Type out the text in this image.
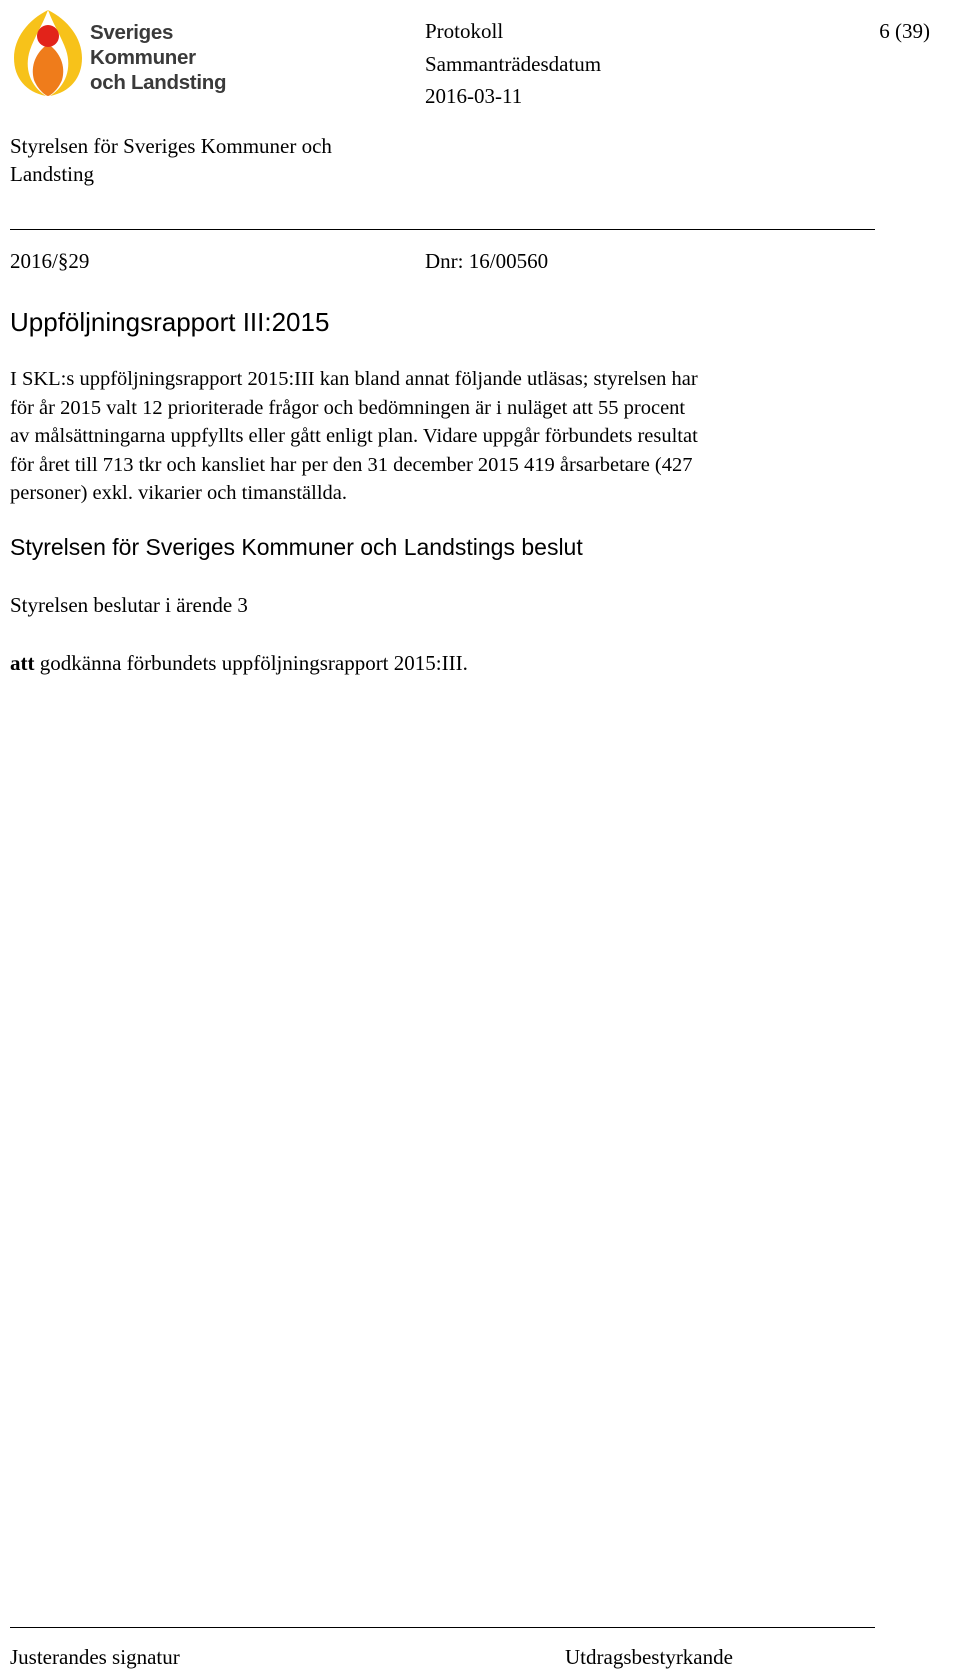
Sveriges
Kommuner
och Landsting
Protokoll	6 (39)
Sammanträdesdatum
2016-03-11
Styrelsen för Sveriges Kommuner och Landsting
2016/§29	Dnr: 16/00560
Uppföljningsrapport III:2015
I SKL:s uppföljningsrapport 2015:III kan bland annat följande utläsas; styrelsen har
för år 2015 valt 12 prioriterade frågor och bedömningen är i nuläget att 55 procent
av målsättningarna uppfyllts eller gått enligt plan. Vidare uppgår förbundets resultat
för året till 713 tkr och kansliet har per den 31 december 2015 419 årsarbetare (427
personer) exkl. vikarier och timanställda.
Styrelsen för Sveriges Kommuner och Landstings beslut
Styrelsen beslutar i ärende 3
att godkänna förbundets uppföljningsrapport 2015:III.
Justerandes signatur	Utdragsbestyrkande
